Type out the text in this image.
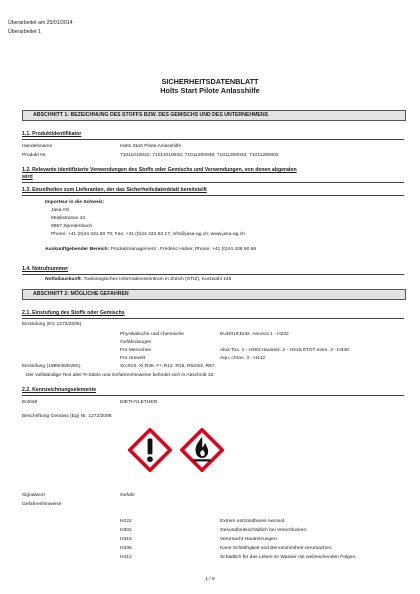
Überarbeitet am 25/01/2014
Überarbeitet 1
SICHERHEITSDATENBLATT
Holts Start Pilote Anlasshilfe
ABSCHNITT 1: BEZEICHNUNG DES STOFFS BZW. DES GEMISCHS UND DES UNTERNEHMENS
1.1. Produktidentifikator
Handelsname	Holts Start Pilote Anlasshilfe
Produkt Nr.	71011010022; 71011010033, 71011300048, 71011300033, 71011290002
1.2. Relevante identifizierte Verwendungen des Stoffs oder Gemischs und Verwendungen, von denen abgeraten
wird
1.3. Einzelheiten zum Lieferanten, der das Sicherheitsdatenblatt bereitstellt
Importeur in die Schweiz:
Jasa AG
Müslistrasse 43
8957 Spreitenbach
Phone: +41 (0)44 431 60 70; Fax: +41 (0)44 432 63 17; info@jasa-ag.ch; www.jasa-ag.ch
Auskunftgebender Bereich: Produktmanagement , Frédéric Huber, Phone: +41 (0)44 439 90 66
1.4. Notrufnummer
Notfallauskunft: Toxikologisches Informationszentrum in Zürich (STIZ), Kurzwahl 145
ABSCHNITT 2: MÖGLICHE GEFAHREN
2.1. Einstufung des Stoffs oder Gemischs
Einstufung (EG 1272/2008)
Physikalische und chemische	EUH019;Entz. Aerosol 1 - H222
Gefährdungen
Für Menschen	Akut Tox. 4 - H302;Hautreiz. 2 - H315;STOT einm. 3 - H336
Für Umwelt	Aqu. chron. 3 - H412
Einstufung (1999/45/EWG)	Xn;R22. Xi;R38. F+;R12. R19, R52/53, R67.
Der vollständige Text aller R-Sätze und Gefahrenhinweise befindet sich in Abschnitt 16.
2.2. Kennzeichnungselemente
Enthält	DIETHYLETHER
Beschriftung Gemäss (Eg) Nr. 1272/2008
Signalwort	Gefahr
Gefahrenhinweise
H222	Extrem entzündbares Aerosol.
H302	Gesundheitsschädlich bei Verschlucken.
H315	Verursacht Hautreizungen.
H336	Kann Schläfrigkeit und Benommenheit verursachen.
H412	Schädlich für das Leben im Wasser mit weitreichenden Folgen.
1 / 8
